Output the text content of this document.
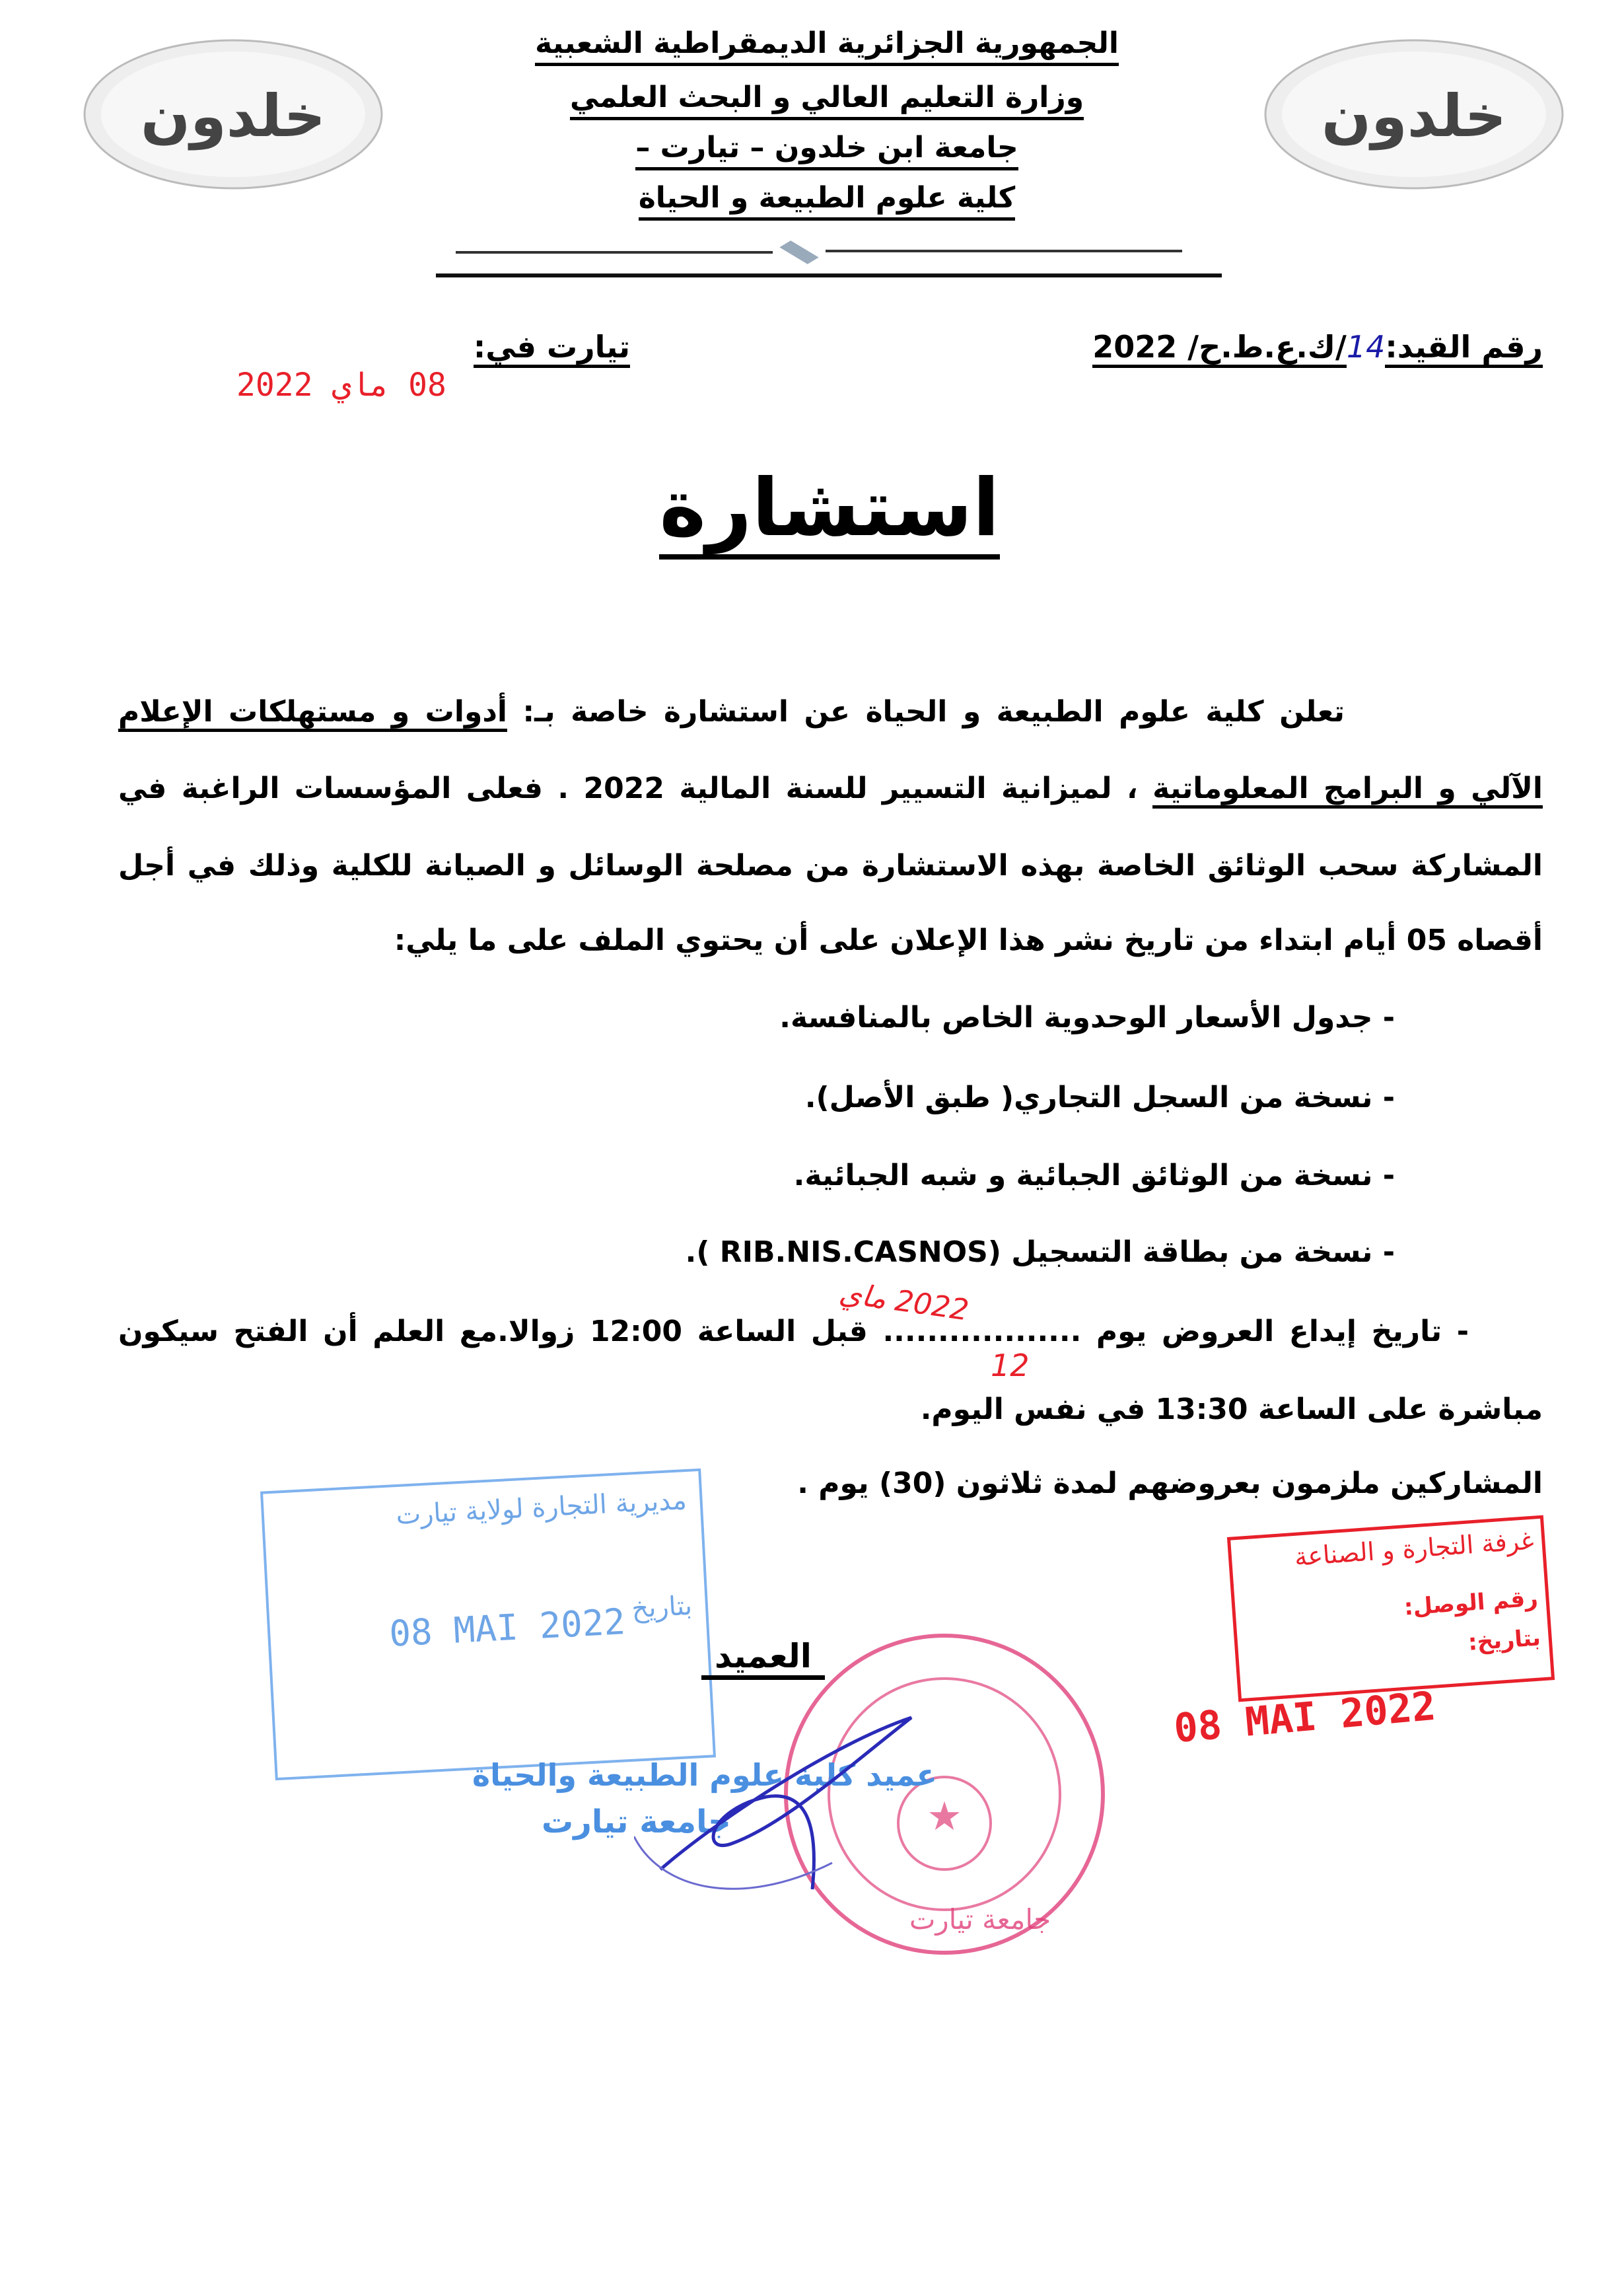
خلدون	خلدون
الجمهورية الجزائرية الديمقراطية الشعبية
وزارة التعليم العالي و البحث العلمي
جامعة ابن خلدون – تيارت –
كلية علوم الطبيعة و الحياة
رقم القيد:14/ك.ع.ط.ح/ 2022
تيارت في:
08 ماي 2022
استشارة
تعلن كلية علوم الطبيعة و الحياة عن استشارة خاصة بـ: أدوات و مستهلكات الإعلام
الآلي و البرامج المعلوماتية ، لميزانية التسيير للسنة المالية 2022 . فعلى المؤسسات الراغبة في
المشاركة سحب الوثائق الخاصة بهذه الاستشارة من مصلحة الوسائل و الصيانة للكلية وذلك في أجل
أقصاه 05 أيام ابتداء من تاريخ نشر هذا الإعلان على أن يحتوي الملف على ما يلي:
- جدول الأسعار الوحدوية الخاص بالمنافسة.
- نسخة من السجل التجاري( طبق الأصل).
- نسخة من الوثائق الجبائية و شبه الجبائية.
- نسخة من بطاقة التسجيل (RIB.NIS.CASNOS ).
- تاريخ إيداع العروض يوم .................. قبل الساعة 12:00 زوالا.مع العلم أن الفتح سيكون
2022 ماي
12
مباشرة على الساعة 13:30 في نفس اليوم.
المشاركين ملزمون بعروضهم لمدة ثلاثون (30) يوم .
مديرية التجارة لولاية تيارت
بتاريخ
08 MAI 2022
العميد
★
جامعة تيارت
عميد كلية علوم الطبيعة والحياة
جامعة تيارت
غرفة التجارة و الصناعة
رقم الوصل:
بتاريخ:
08 MAI 2022
